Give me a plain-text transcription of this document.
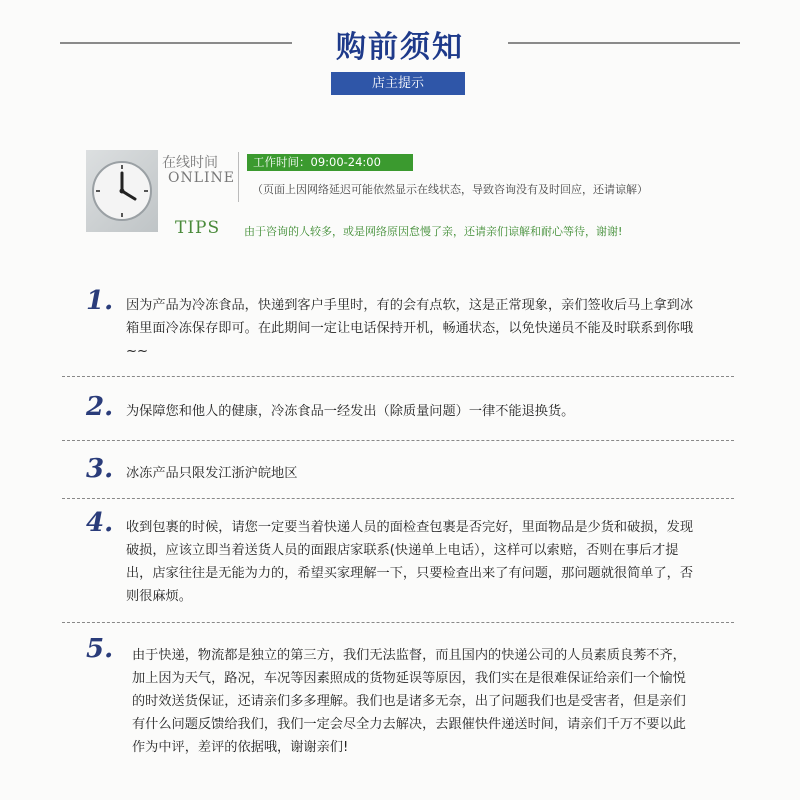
购前须知
店主提示
在线时间
ONLINE
TIPS
工作时间：09:00-24:00
（页面上因网络延迟可能依然显示在线状态，导致咨询没有及时回应，还请谅解）
由于咨询的人较多，或是网络原因怠慢了亲，还请亲们谅解和耐心等待，谢谢!
1. 因为产品为冷冻食品，快递到客户手里时，有的会有点软，这是正常现象，亲们签收后马上拿到冰箱里面冷冻保存即可。在此期间一定让电话保持开机，畅通状态，以免快递员不能及时联系到你哦~~
2. 为保障您和他人的健康，冷冻食品一经发出（除质量问题）一律不能退换货。
3. 冰冻产品只限发江浙沪皖地区
4. 收到包裹的时候，请您一定要当着快递人员的面检查包裹是否完好，里面物品是少货和破损，发现破损，应该立即当着送货人员的面跟店家联系(快递单上电话），这样可以索赔，否则在事后才提出，店家往往是无能为力的，希望买家理解一下，只要检查出来了有问题，那问题就很简单了，否则很麻烦。
5. 由于快递，物流都是独立的第三方，我们无法监督，而且国内的快递公司的人员素质良莠不齐，加上因为天气，路况，车况等因素照成的货物延误等原因，我们实在是很难保证给亲们一个愉悦的时效送货保证，还请亲们多多理解。我们也是诸多无奈，出了问题我们也是受害者，但是亲们有什么问题反馈给我们，我们一定会尽全力去解决，去跟催快件递送时间，请亲们千万不要以此作为中评，差评的依据哦，谢谢亲们!
